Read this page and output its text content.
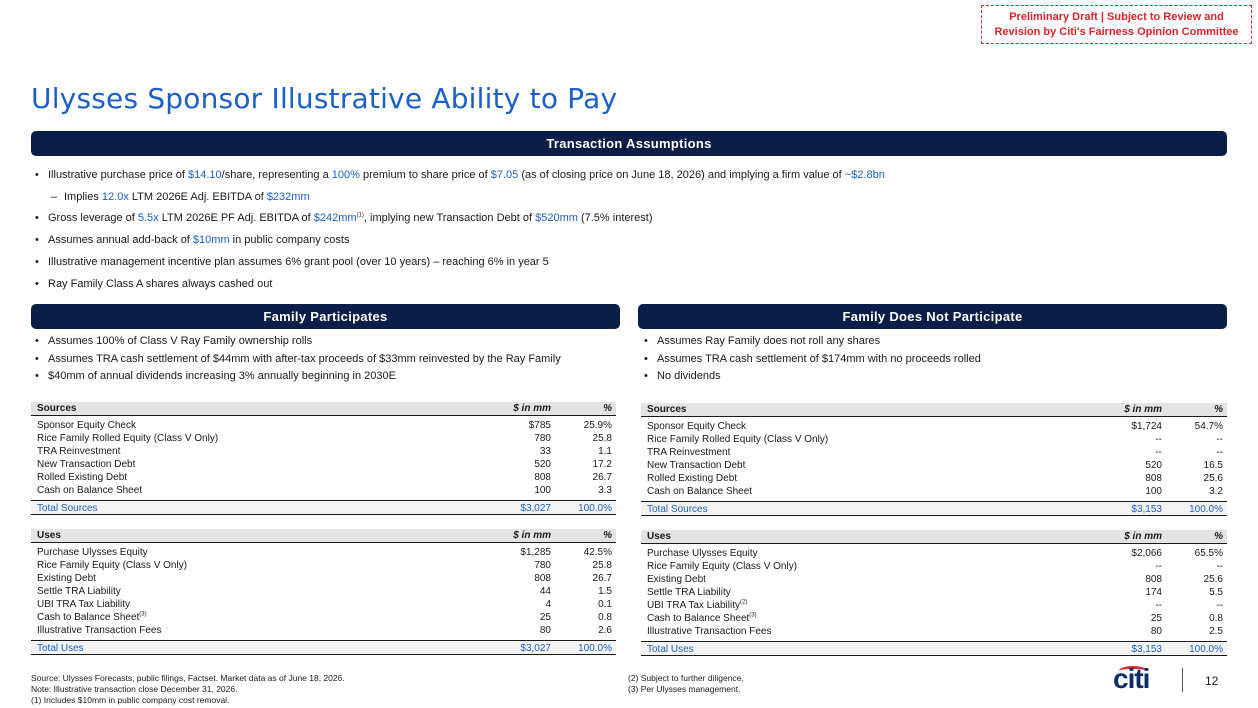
Preliminary Draft | Subject to Review and
Revision by Citi's Fairness Opinion Committee
Ulysses Sponsor Illustrative Ability to Pay
Transaction Assumptions
• Illustrative purchase price of $14.10/share, representing a 100% premium to share price of $7.05 (as of closing price on June 18, 2026) and implying a firm value of ~$2.8bn
– Implies 12.0x LTM 2026E Adj. EBITDA of $232mm
• Gross leverage of 5.5x LTM 2026E PF Adj. EBITDA of $\$242mm^{(1)}$, implying new Transaction Debt of $520mm (7.5% interest)
• Assumes annual add-back of $10mm in public company costs
• Illustrative management incentive plan assumes 6% grant pool (over 10 years) – reaching 6% in year 5
• Ray Family Class A shares always cashed out
Family Participates
• Assumes 100% of Class V Ray Family ownership rolls
• Assumes TRA cash settlement of $44mm with after-tax proceeds of $33mm reinvested by the Ray Family
• $40mm of annual dividends increasing 3% annually beginning in 2030E
Sources	$ in mm	%
Sponsor Equity Check	$785	25.9%
Rice Family Rolled Equity (Class V Only)	780	25.8
TRA Reinvestment	33	1.1
New Transaction Debt	520	17.2
Rolled Existing Debt	808	26.7
Cash on Balance Sheet	100	3.3
Total Sources	$3,027	100.0%
Uses	$ in mm	%
Purchase Ulysses Equity	$1,285	42.5%
Rice Family Equity (Class V Only)	780	25.8
Existing Debt	808	26.7
Settle TRA Liability	44	1.5
UBI TRA Tax Liability	4	0.1
Cash to Balance Sheet$^{(3)}$	25	0.8
Illustrative Transaction Fees	80	2.6
Total Uses	$3,027	100.0%
Family Does Not Participate
• Assumes Ray Family does not roll any shares
• Assumes TRA cash settlement of $174mm with no proceeds rolled
• No dividends
Sources	$ in mm	%
Sponsor Equity Check	$1,724	54.7%
Rice Family Rolled Equity (Class V Only)	--	--
TRA Reinvestment	--	--
New Transaction Debt	520	16.5
Rolled Existing Debt	808	25.6
Cash on Balance Sheet	100	3.2
Total Sources	$3,153	100.0%
Uses	$ in mm	%
Purchase Ulysses Equity	$2,066	65.5%
Rice Family Equity (Class V Only)	--	--
Existing Debt	808	25.6
Settle TRA Liability	174	5.5
UBI TRA Tax Liability$^{(2)}$	--	--
Cash to Balance Sheet$^{(3)}$	25	0.8
Illustrative Transaction Fees	80	2.5
Total Uses	$3,153	100.0%
Source: Ulysses Forecasts, public filings, Factset. Market data as of June 18, 2026.
Note: Illustrative transaction close December 31, 2026.
(1) Includes $10mm in public company cost removal.
(2) Subject to further diligence.
(3) Per Ulysses management.	citi	12
